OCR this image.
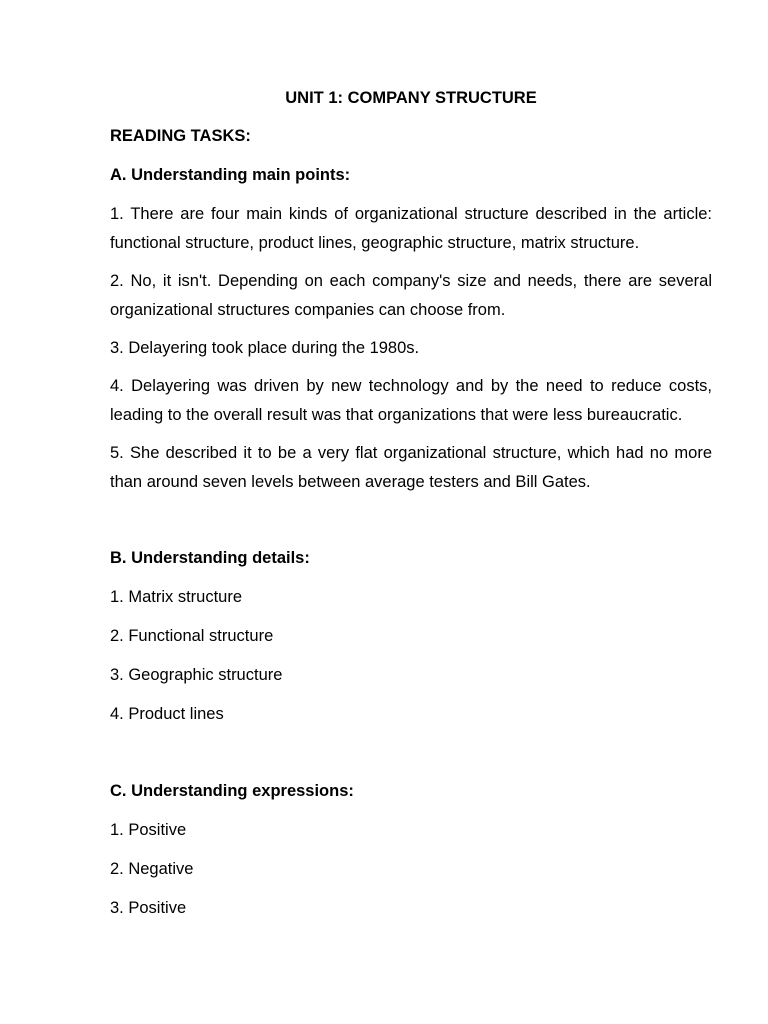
UNIT 1: COMPANY STRUCTURE
READING TASKS:
A. Understanding main points:
1. There are four main kinds of organizational structure described in the article: functional structure, product lines, geographic structure, matrix structure.
2. No, it isn't. Depending on each company's size and needs, there are several organizational structures companies can choose from.
3. Delayering took place during the 1980s.
4. Delayering was driven by new technology and by the need to reduce costs, leading to the overall result was that organizations that were less bureaucratic.
5. She described it to be a very flat organizational structure, which had no more than around seven levels between average testers and Bill Gates.
B. Understanding details:
1. Matrix structure
2. Functional structure
3. Geographic structure
4. Product lines
C. Understanding expressions:
1. Positive
2. Negative
3. Positive
